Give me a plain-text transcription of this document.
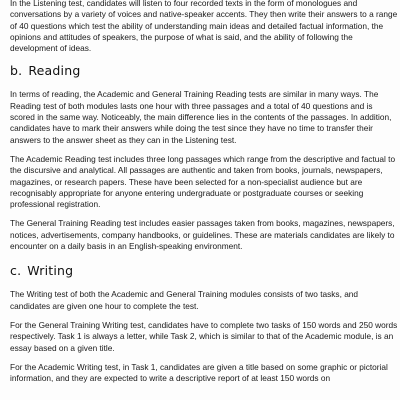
In the Listening test, candidates will listen to four recorded texts in the form of monologues and conversations by a variety of voices and native-speaker accents. They then write their answers to a range of 40 questions which test the ability of understanding main ideas and detailed factual information, the opinions and attitudes of speakers, the purpose of what is said, and the ability of following the development of ideas.

b. Reading

In terms of reading, the Academic and General Training Reading tests are similar in many ways. The Reading test of both modules lasts one hour with three passages and a total of 40 questions and is scored in the same way. Noticeably, the main difference lies in the contents of the passages. In addition, candidates have to mark their answers while doing the test since they have no time to transfer their answers to the answer sheet as they can in the Listening test.

The Academic Reading test includes three long passages which range from the descriptive and factual to the discursive and analytical. All passages are authentic and taken from books, journals, newspapers, magazines, or research papers. These have been selected for a non-specialist audience but are recognisably appropriate for anyone entering undergraduate or postgraduate courses or seeking professional registration.

The General Training Reading test includes easier passages taken from books, magazines, newspapers, notices, advertisements, company handbooks, or guidelines. These are materials candidates are likely to encounter on a daily basis in an English-speaking environment.

c. Writing

The Writing test of both the Academic and General Training modules consists of two tasks, and candidates are given one hour to complete the test.

For the General Training Writing test, candidates have to complete two tasks of 150 words and 250 words respectively. Task 1 is always a letter, while Task 2, which is similar to that of the Academic module, is an essay based on a given title.

For the Academic Writing test, in Task 1, candidates are given a title based on some graphic or pictorial information, and they are expected to write a descriptive report of at least 150 words on
